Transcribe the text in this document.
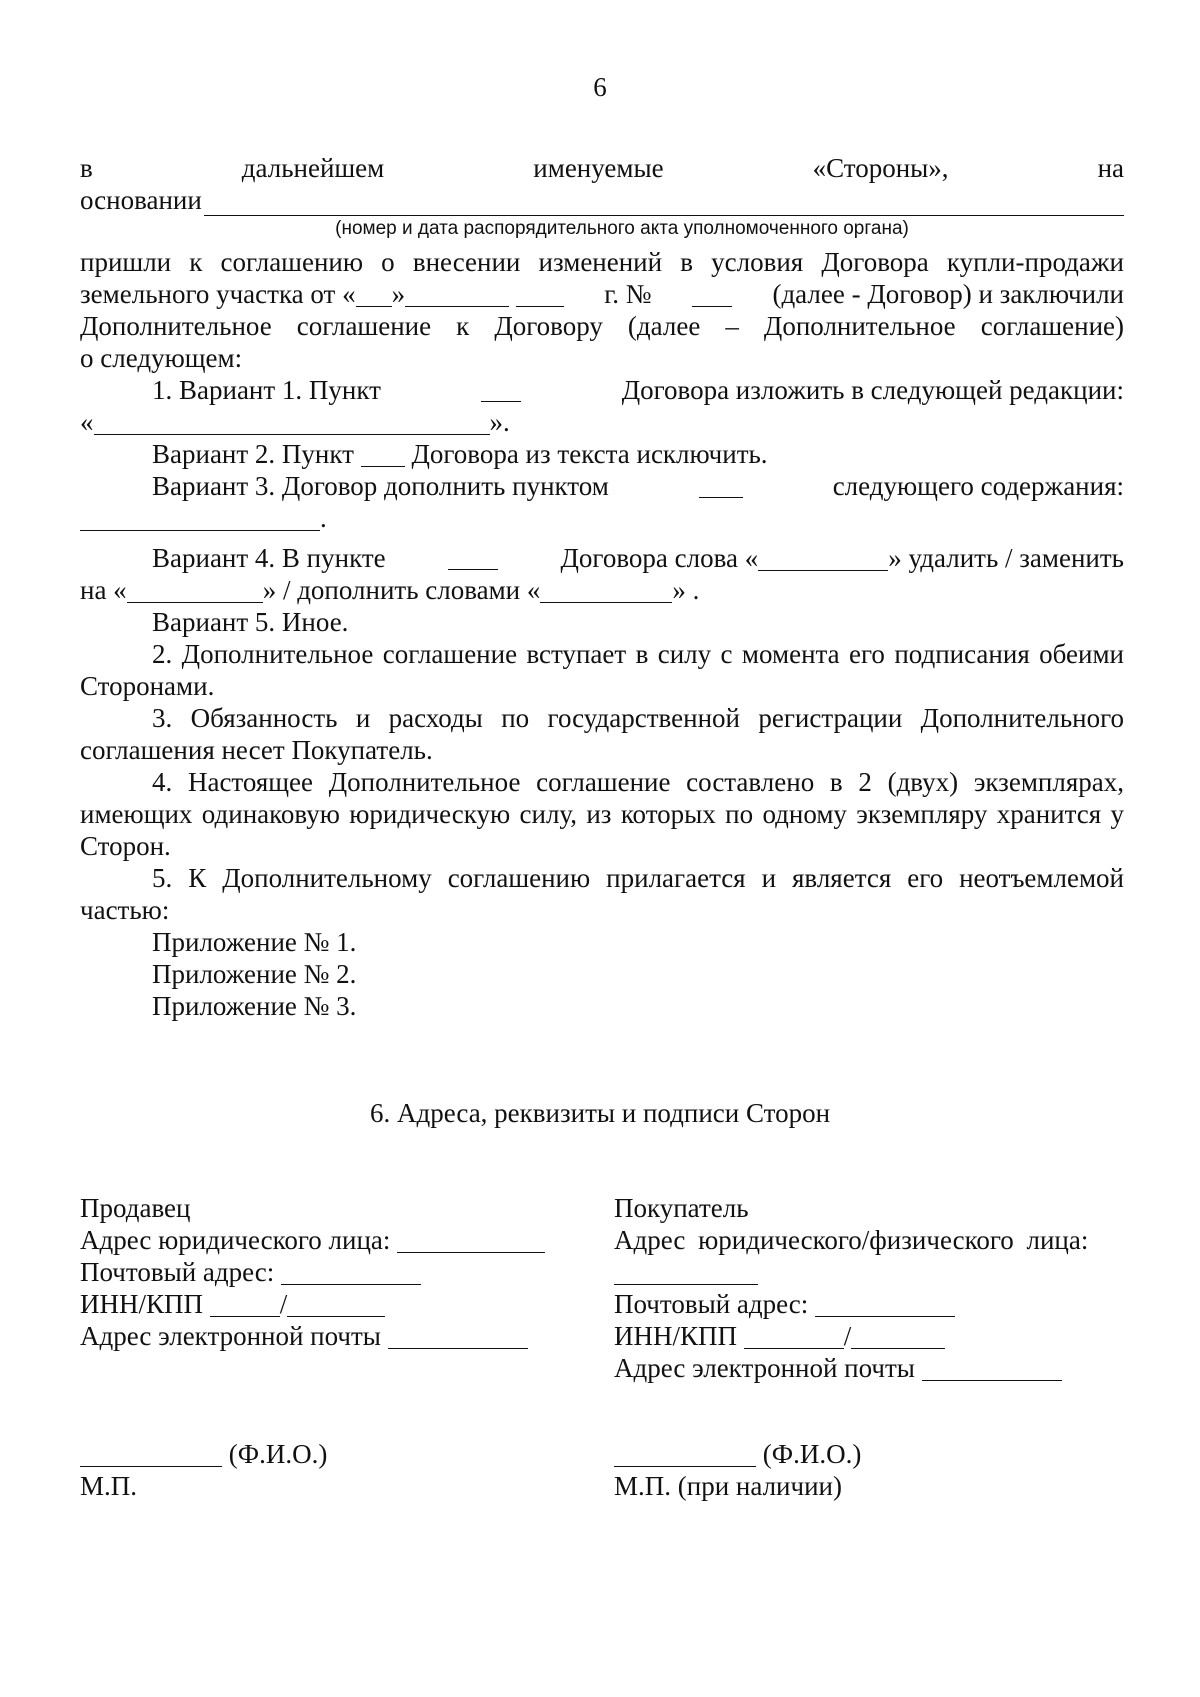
6
в	дальнейшем	именуемые	«Стороны»,	на
основании
(номер и дата распорядительного акта уполномоченного органа)
пришли к соглашению о внесении изменений в условия Договора купли-продажи
земельного участка от « »	г. №	(далее - Договор) и заключили
Дополнительное соглашение к Договору (далее – Дополнительное соглашение)
о следующем:
1. Вариант 1. Пункт	Договора изложить в следующей редакции:
«	».
Вариант 2. Пункт Договора из текста исключить.
Вариант 3. Договор дополнить пунктом	следующего содержания:
.
Вариант 4. В пункте	Договора слова «	» удалить / заменить
на «	» / дополнить словами «	» .
Вариант 5. Иное.
2. Дополнительное соглашение вступает в силу с момента его подписания обеими Сторонами.
3. Обязанность и расходы по государственной регистрации Дополнительного соглашения несет Покупатель.
4. Настоящее Дополнительное соглашение составлено в 2 (двух) экземплярах, имеющих одинаковую юридическую силу, из которых по одному экземпляру хранится у Сторон.
5. К Дополнительному соглашению прилагается и является его неотъемлемой частью:
Приложение № 1.
Приложение № 2.
Приложение № 3.
6. Адреса, реквизиты и подписи Сторон
Продавец
Адрес юридического лица:
Почтовый адрес:
ИНН/КПП	/
Адрес электронной почты
(Ф.И.О.)
М.П.
Покупатель
Адрес юридического/физического лица:
Почтовый адрес:
ИНН/КПП	/
Адрес электронной почты
(Ф.И.О.)
М.П. (при наличии)
